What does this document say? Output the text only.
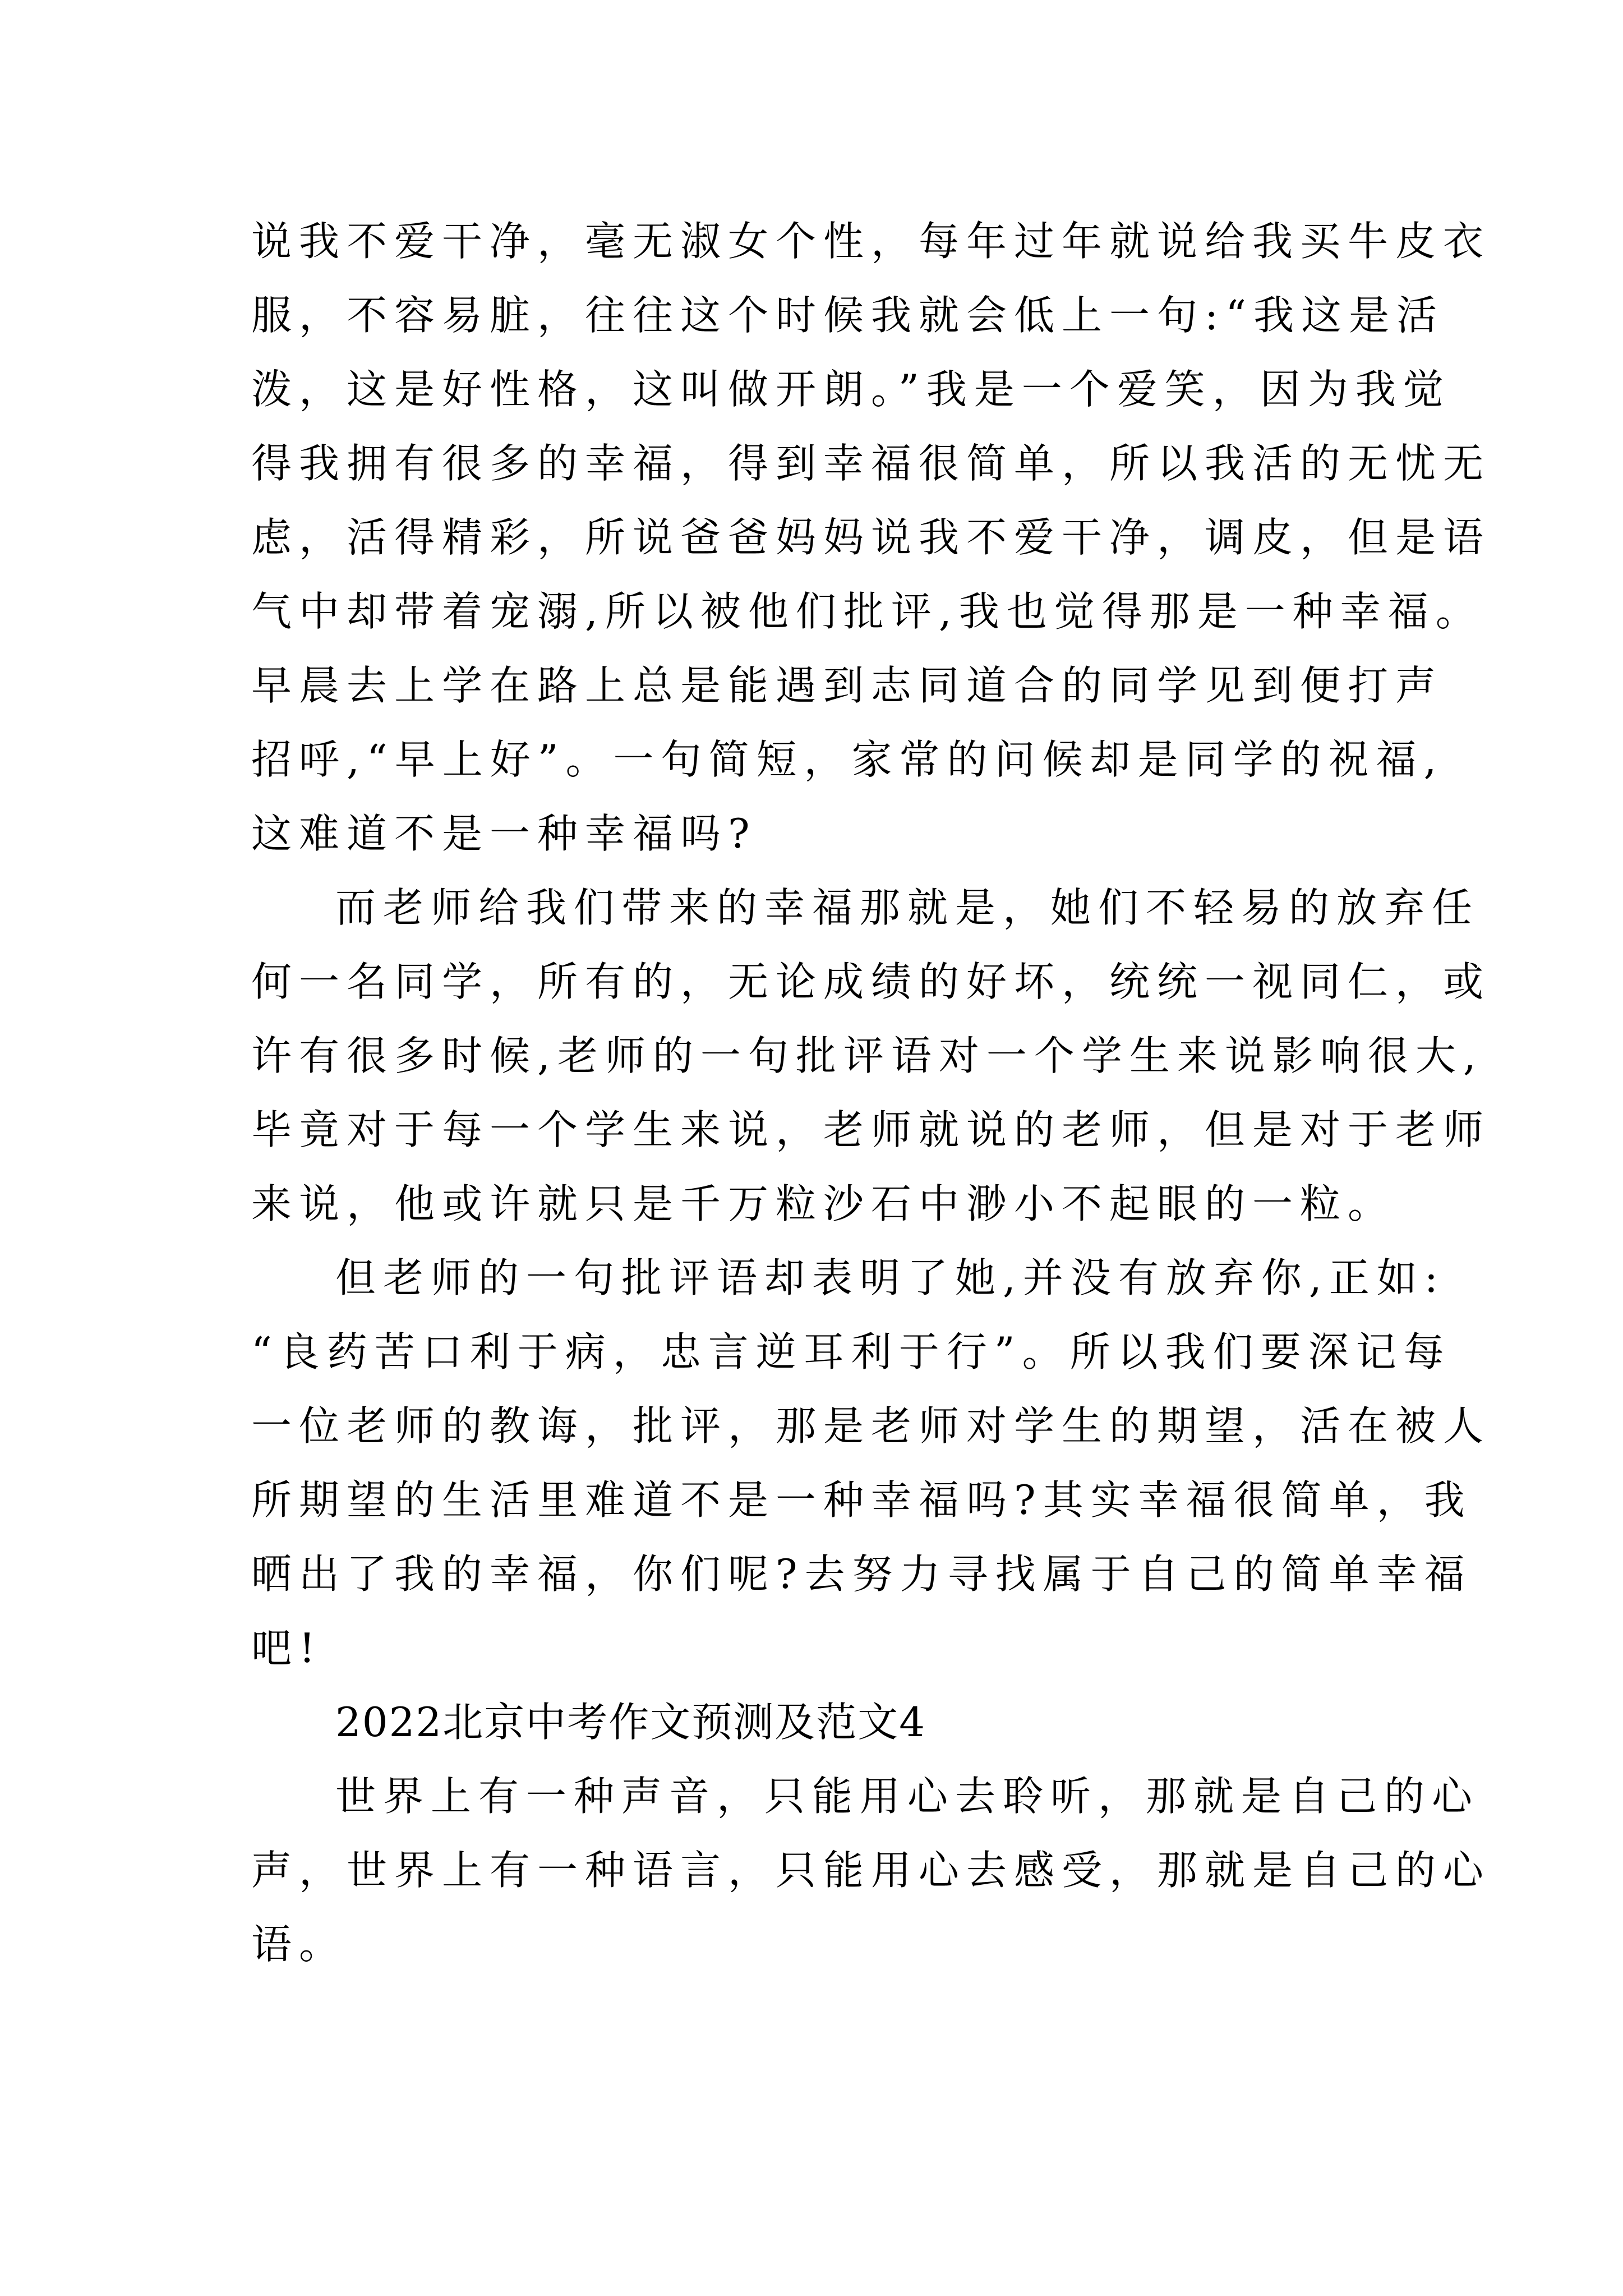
说我不爱干净，毫无淑女个性，每年过年就说给我买牛皮衣
服，不容易脏，往往这个时候我就会低上一句:“我这是活
泼，这是好性格，这叫做开朗。”我是一个爱笑，因为我觉
得我拥有很多的幸福，得到幸福很简单，所以我活的无忧无
虑，活得精彩，所说爸爸妈妈说我不爱干净，调皮，但是语
气中却带着宠溺,所以被他们批评,我也觉得那是一种幸福。
早晨去上学在路上总是能遇到志同道合的同学见到便打声
招呼,“早上好”。一句简短，家常的问候却是同学的祝福,
这难道不是一种幸福吗?
而老师给我们带来的幸福那就是，她们不轻易的放弃任
何一名同学，所有的，无论成绩的好坏，统统一视同仁，或
许有很多时候,老师的一句批评语对一个学生来说影响很大,
毕竟对于每一个学生来说，老师就说的老师，但是对于老师
来说，他或许就只是千万粒沙石中渺小不起眼的一粒。
但老师的一句批评语却表明了她,并没有放弃你,正如:
“良药苦口利于病，忠言逆耳利于行”。所以我们要深记每
一位老师的教诲，批评，那是老师对学生的期望，活在被人
所期望的生活里难道不是一种幸福吗?其实幸福很简单，我
晒出了我的幸福，你们呢?去努力寻找属于自己的简单幸福
吧!
2022北京中考作文预测及范文4
世界上有一种声音，只能用心去聆听，那就是自己的心
声，世界上有一种语言，只能用心去感受，那就是自己的心
语。
